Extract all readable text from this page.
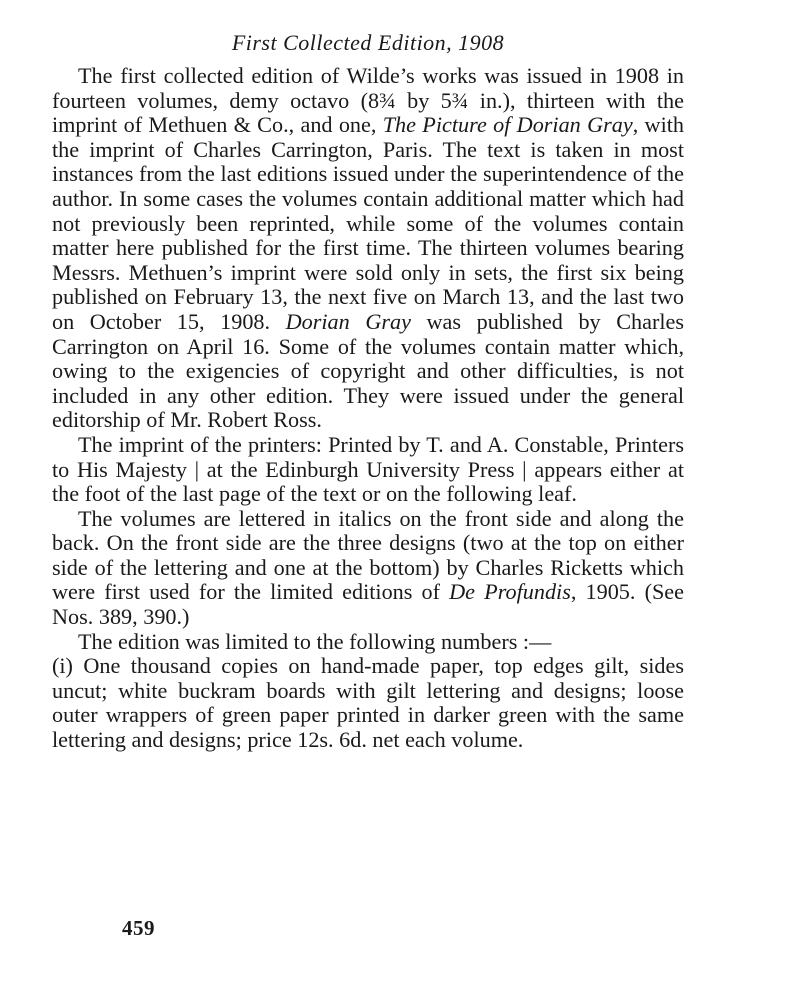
First Collected Edition, 1908

The first collected edition of Wilde’s works was issued in 1908 in fourteen volumes, demy octavo (8¾ by 5¾ in.), thirteen with the imprint of Methuen & Co., and one, The Picture of Dorian Gray, with the imprint of Charles Carrington, Paris. The text is taken in most instances from the last editions issued under the superintendence of the author. In some cases the volumes contain additional matter which had not previously been reprinted, while some of the volumes contain matter here published for the first time. The thirteen volumes bearing Messrs. Methuen’s imprint were sold only in sets, the first six being published on February 13, the next five on March 13, and the last two on October 15, 1908. Dorian Gray was published by Charles Carrington on April 16. Some of the volumes contain matter which, owing to the exigencies of copyright and other difficulties, is not included in any other edition. They were issued under the general editorship of Mr. Robert Ross.

The imprint of the printers: Printed by T. and A. Constable, Printers to His Majesty | at the Edinburgh University Press | appears either at the foot of the last page of the text or on the following leaf.

The volumes are lettered in italics on the front side and along the back. On the front side are the three designs (two at the top on either side of the lettering and one at the bottom) by Charles Ricketts which were first used for the limited editions of De Profundis, 1905. (See Nos. 389, 390.)

The edition was limited to the following numbers :—

(i) One thousand copies on hand-made paper, top edges gilt, sides uncut; white buckram boards with gilt lettering and designs; loose outer wrappers of green paper printed in darker green with the same lettering and designs; price 12s. 6d. net each volume.

459
